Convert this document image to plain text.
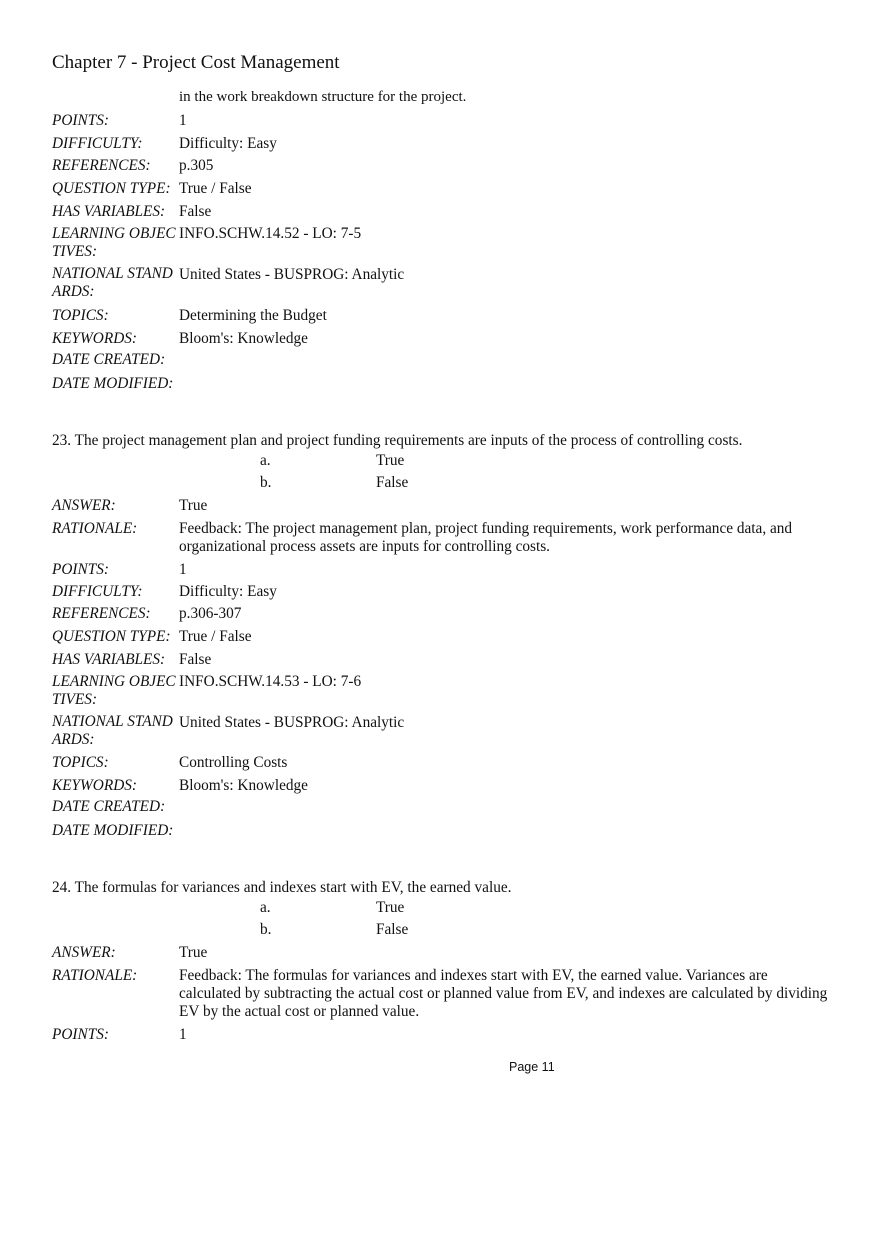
Chapter 7 - Project Cost Management
in the work breakdown structure for the project.
POINTS:	1
DIFFICULTY: Difficulty: Easy
REFERENCES: p.305
QUESTION TYPE: True / False
HAS VARIABLES: False
LEARNING OBJECTIVES:
INFO.SCHW.14.52 - LO: 7-5
NATIONAL STANDARDS:
United States - BUSPROG: Analytic
TOPICS:	Determining the Budget
KEYWORDS:	Bloom's: Knowledge
DATE CREATED:
DATE MODIFIED:
23. The project management plan and project funding requirements are inputs of the process of controlling costs.
a.	True
b.	False
ANSWER:	True
RATIONALE:	Feedback: The project management plan, project funding requirements, work performance data, and organizational process assets are inputs for controlling costs.
POINTS:	1
DIFFICULTY: Difficulty: Easy
REFERENCES: p.306-307
QUESTION TYPE: True / False
HAS VARIABLES: False
LEARNING OBJECTIVES:
INFO.SCHW.14.53 - LO: 7-6
NATIONAL STANDARDS:
United States - BUSPROG: Analytic
TOPICS:	Controlling Costs
KEYWORDS:	Bloom's: Knowledge
DATE CREATED:
DATE MODIFIED:
24. The formulas for variances and indexes start with EV, the earned value.
a.	True
b.	False
ANSWER:	True
RATIONALE:	Feedback: The formulas for variances and indexes start with EV, the earned value. Variances are calculated by subtracting the actual cost or planned value from EV, and indexes are calculated by dividing EV by the actual cost or planned value.
POINTS:	1
Page 11
